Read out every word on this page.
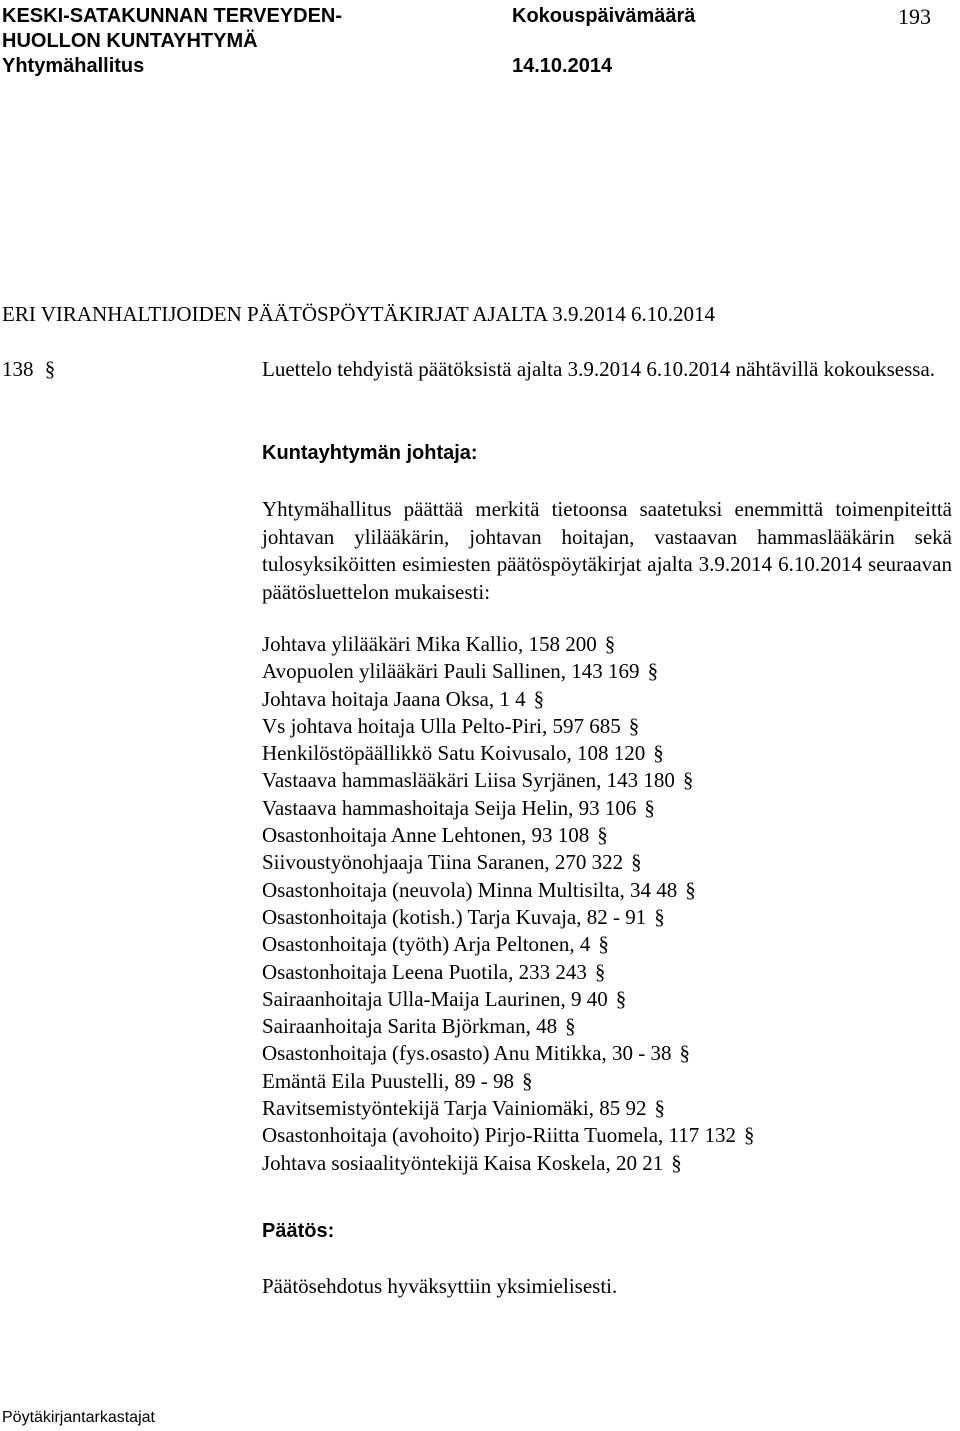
KESKI-SATAKUNNAN TERVEYDEN-
HUOLLON KUNTAYHTYMÄ
Yhtymähallitus
Kokouspäivämäärä
14.10.2014
193
ERI VIRANHALTIJOIDEN PÄÄTÖSPÖYTÄKIRJAT AJALTA 3.9.2014 6.10.2014
138 §	Luettelo tehdyistä päätöksistä ajalta 3.9.2014 6.10.2014 nähtävillä kokouksessa.
Kuntayhtymän johtaja:
Yhtymähallitus päättää merkitä tietoonsa saatetuksi enemmittä toimenpiteittä johtavan ylilääkärin, johtavan hoitajan, vastaavan hammaslääkärin sekä tulosyksiköitten esimiesten päätöspöytäkirjat ajalta 3.9.2014 6.10.2014 seuraavan päätösluettelon mukaisesti:
Johtava ylilääkäri Mika Kallio, 158 200 §
Avopuolen ylilääkäri Pauli Sallinen, 143 169 §
Johtava hoitaja Jaana Oksa, 1 4 §
Vs johtava hoitaja Ulla Pelto-Piri, 597 685 §
Henkilöstöpäällikkö Satu Koivusalo, 108 120 §
Vastaava hammaslääkäri Liisa Syrjänen, 143 180 §
Vastaava hammashoitaja Seija Helin, 93 106 §
Osastonhoitaja Anne Lehtonen, 93 108 §
Siivoustyönohjaaja Tiina Saranen, 270 322 §
Osastonhoitaja (neuvola) Minna Multisilta, 34 48 §
Osastonhoitaja (kotish.) Tarja Kuvaja, 82 - 91 §
Osastonhoitaja (työth) Arja Peltonen, 4 §
Osastonhoitaja Leena Puotila, 233 243 §
Sairaanhoitaja Ulla-Maija Laurinen, 9 40 §
Sairaanhoitaja Sarita Björkman, 48 §
Osastonhoitaja (fys.osasto) Anu Mitikka, 30 - 38 §
Emäntä Eila Puustelli, 89 - 98 §
Ravitsemistyöntekijä Tarja Vainiomäki, 85 92 §
Osastonhoitaja (avohoito) Pirjo-Riitta Tuomela, 117 132 §
Johtava sosiaalityöntekijä Kaisa Koskela, 20 21 §
Päätös:
Päätösehdotus hyväksyttiin yksimielisesti.
Pöytäkirjantarkastajat
